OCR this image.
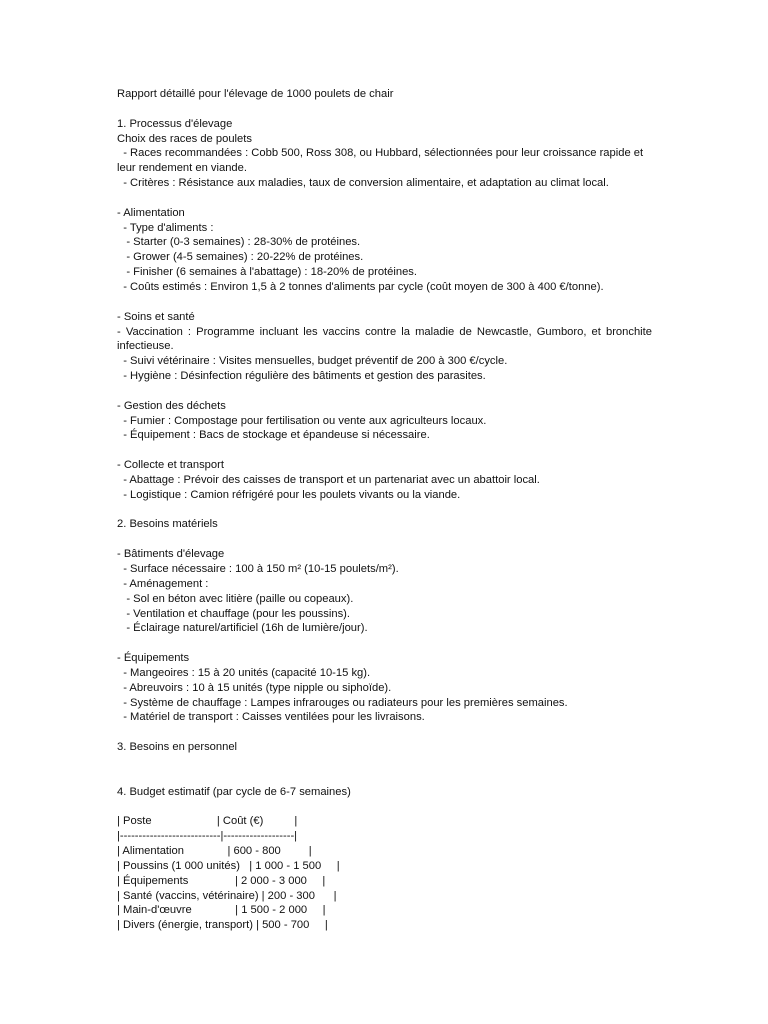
Rapport détaillé pour l'élevage de 1000 poulets de chair
1. Processus d'élevage
Choix des races de poulets
- Races recommandées : Cobb 500, Ross 308, ou Hubbard, sélectionnées pour leur croissance rapide et leur rendement en viande.
- Critères : Résistance aux maladies, taux de conversion alimentaire, et adaptation au climat local.
- Alimentation
- Type d'aliments :
- Starter (0-3 semaines) : 28-30% de protéines.
- Grower (4-5 semaines) : 20-22% de protéines.
- Finisher (6 semaines à l'abattage) : 18-20% de protéines.
- Coûts estimés : Environ 1,5 à 2 tonnes d'aliments par cycle (coût moyen de 300 à 400 €/tonne).
- Soins et santé
- Vaccination : Programme incluant les vaccins contre la maladie de Newcastle, Gumboro, et bronchite infectieuse.
- Suivi vétérinaire : Visites mensuelles, budget préventif de 200 à 300 €/cycle.
- Hygiène : Désinfection régulière des bâtiments et gestion des parasites.
- Gestion des déchets
- Fumier : Compostage pour fertilisation ou vente aux agriculteurs locaux.
- Équipement : Bacs de stockage et épandeuse si nécessaire.
- Collecte et transport
- Abattage : Prévoir des caisses de transport et un partenariat avec un abattoir local.
- Logistique : Camion réfrigéré pour les poulets vivants ou la viande.
2. Besoins matériels
- Bâtiments d'élevage
- Surface nécessaire : 100 à 150 m² (10-15 poulets/m²).
- Aménagement :
- Sol en béton avec litière (paille ou copeaux).
- Ventilation et chauffage (pour les poussins).
- Éclairage naturel/artificiel (16h de lumière/jour).
- Équipements
- Mangeoires : 15 à 20 unités (capacité 10-15 kg).
- Abreuvoirs : 10 à 15 unités (type nipple ou siphoïde).
- Système de chauffage : Lampes infrarouges ou radiateurs pour les premières semaines.
- Matériel de transport : Caisses ventilées pour les livraisons.
3. Besoins en personnel
4. Budget estimatif (par cycle de 6-7 semaines)
| Poste                     | Coût (€)          |
|---------------------------|-------------------|
| Alimentation              | 600 - 800         |
| Poussins (1 000 unités)   | 1 000 - 1 500     |
| Équipements               | 2 000 - 3 000     |
| Santé (vaccins, vétérinaire) | 200 - 300      |
| Main-d'œuvre              | 1 500 - 2 000     |
| Divers (énergie, transport) | 500 - 700     |
